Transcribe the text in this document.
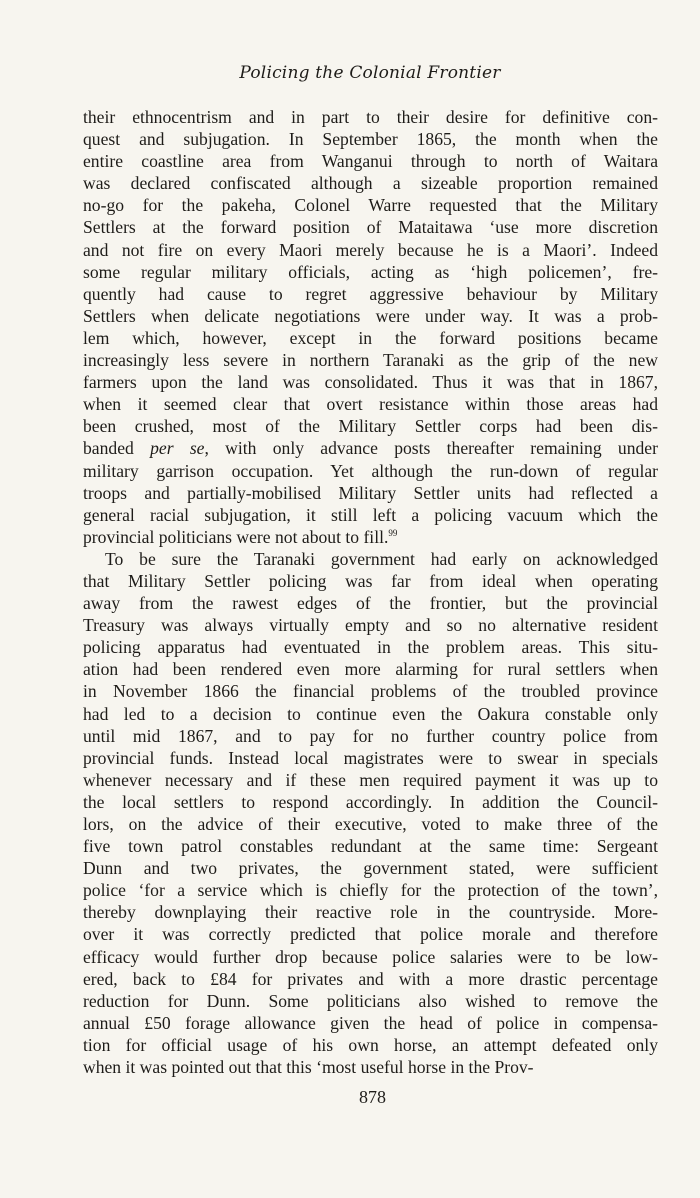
Policing the Colonial Frontier
their ethnocentrism and in part to their desire for definitive con-
quest and subjugation. In September 1865, the month when the
entire coastline area from Wanganui through to north of Waitara
was declared confiscated although a sizeable proportion remained
no-go for the pakeha, Colonel Warre requested that the Military
Settlers at the forward position of Mataitawa ‘use more discretion
and not fire on every Maori merely because he is a Maori’. Indeed
some regular military officials, acting as ‘high policemen’, fre-
quently had cause to regret aggressive behaviour by Military
Settlers when delicate negotiations were under way. It was a prob-
lem which, however, except in the forward positions became
increasingly less severe in northern Taranaki as the grip of the new
farmers upon the land was consolidated. Thus it was that in 1867,
when it seemed clear that overt resistance within those areas had
been crushed, most of the Military Settler corps had been dis-
banded per se, with only advance posts thereafter remaining under
military garrison occupation. Yet although the run-down of regular
troops and partially-mobilised Military Settler units had reflected a
general racial subjugation, it still left a policing vacuum which the
provincial politicians were not about to fill.$^{99}$
To be sure the Taranaki government had early on acknowledged
that Military Settler policing was far from ideal when operating
away from the rawest edges of the frontier, but the provincial
Treasury was always virtually empty and so no alternative resident
policing apparatus had eventuated in the problem areas. This situ-
ation had been rendered even more alarming for rural settlers when
in November 1866 the financial problems of the troubled province
had led to a decision to continue even the Oakura constable only
until mid 1867, and to pay for no further country police from
provincial funds. Instead local magistrates were to swear in specials
whenever necessary and if these men required payment it was up to
the local settlers to respond accordingly. In addition the Council-
lors, on the advice of their executive, voted to make three of the
five town patrol constables redundant at the same time: Sergeant
Dunn and two privates, the government stated, were sufficient
police ‘for a service which is chiefly for the protection of the town’,
thereby downplaying their reactive role in the countryside. More-
over it was correctly predicted that police morale and therefore
efficacy would further drop because police salaries were to be low-
ered, back to £84 for privates and with a more drastic percentage
reduction for Dunn. Some politicians also wished to remove the
annual £50 forage allowance given the head of police in compensa-
tion for official usage of his own horse, an attempt defeated only
when it was pointed out that this ‘most useful horse in the Prov-
878
